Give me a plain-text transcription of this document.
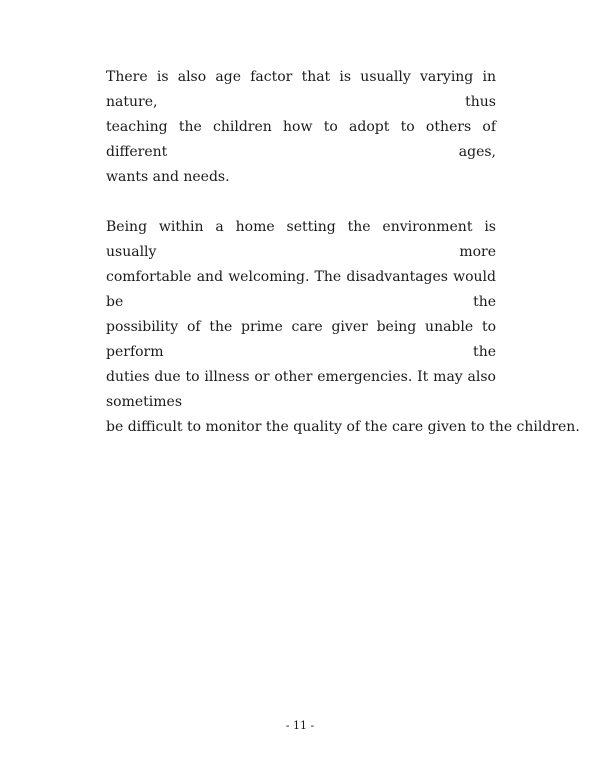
There is also age factor that is usually varying in nature, thus
teaching the children how to adopt to others of different ages,
wants and needs.

Being within a home setting the environment is usually more
comfortable and welcoming. The disadvantages would be the
possibility of the prime care giver being unable to perform the
duties due to illness or other emergencies. It may also sometimes
be difficult to monitor the quality of the care given to the children.

- 11 -
